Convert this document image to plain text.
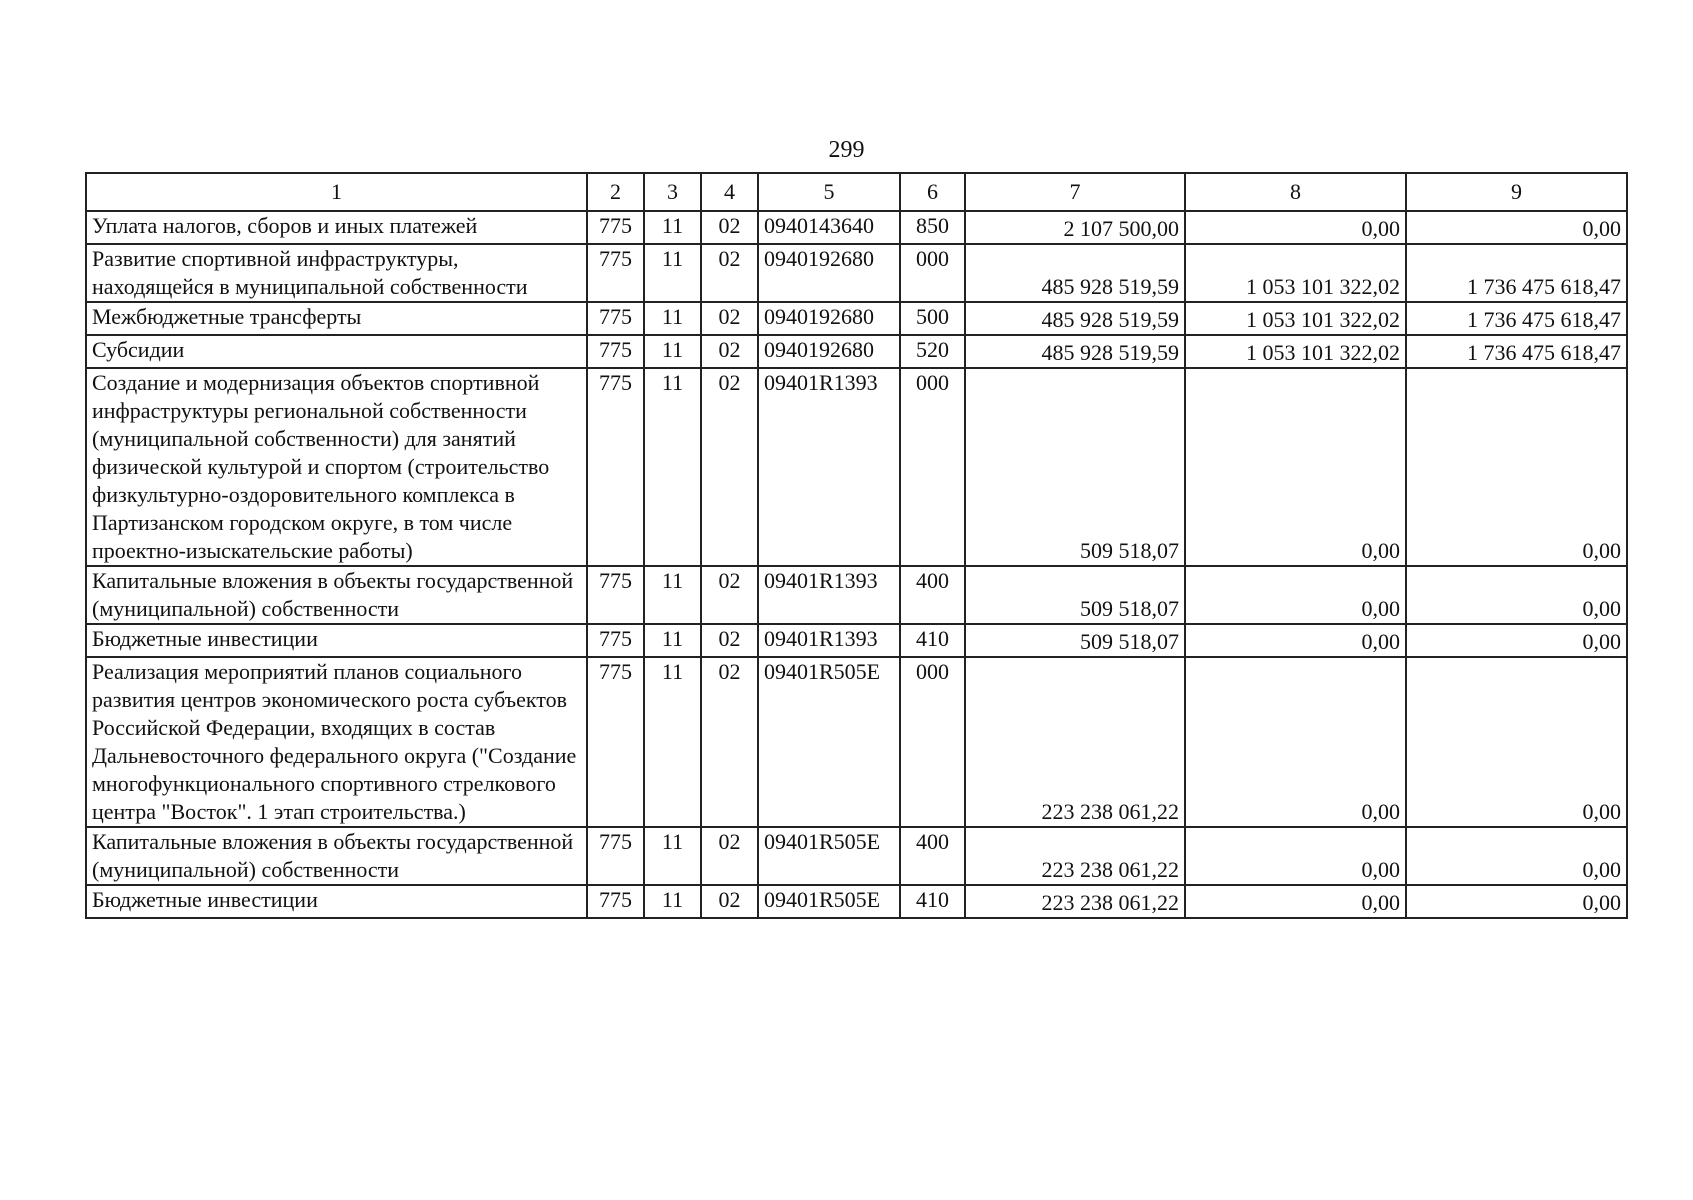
299
1	2	3	4	5	6	7	8	9
Уплата налогов, сборов и иных платежей	775	11	02	0940143640	850	2 107 500,00	0,00	0,00
Развитие спортивной инфраструктуры, находящейся в муниципальной собственности	775	11	02	0940192680	000	485 928 519,59	1 053 101 322,02	1 736 475 618,47
Межбюджетные трансферты	775	11	02	0940192680	500	485 928 519,59	1 053 101 322,02	1 736 475 618,47
Субсидии	775	11	02	0940192680	520	485 928 519,59	1 053 101 322,02	1 736 475 618,47
Создание и модернизация объектов спортивной инфраструктуры региональной собственности (муниципальной собственности) для занятий физической культурой и спортом (строительство физкультурно-оздоровительного комплекса в Партизанском городском округе, в том числе проектно-изыскательские работы)	775	11	02	09401R1393	000	509 518,07	0,00	0,00
Капитальные вложения в объекты государственной (муниципальной) собственности	775	11	02	09401R1393	400	509 518,07	0,00	0,00
Бюджетные инвестиции	775	11	02	09401R1393	410	509 518,07	0,00	0,00
Реализация мероприятий планов социального развития центров экономического роста субъектов Российской Федерации, входящих в состав Дальневосточного федерального округа ("Создание многофункционального спортивного стрелкового центра "Восток". 1 этап строительства.)	775	11	02	09401R505E	000	223 238 061,22	0,00	0,00
Капитальные вложения в объекты государственной (муниципальной) собственности	775	11	02	09401R505E	400	223 238 061,22	0,00	0,00
Бюджетные инвестиции	775	11	02	09401R505E	410	223 238 061,22	0,00	0,00
